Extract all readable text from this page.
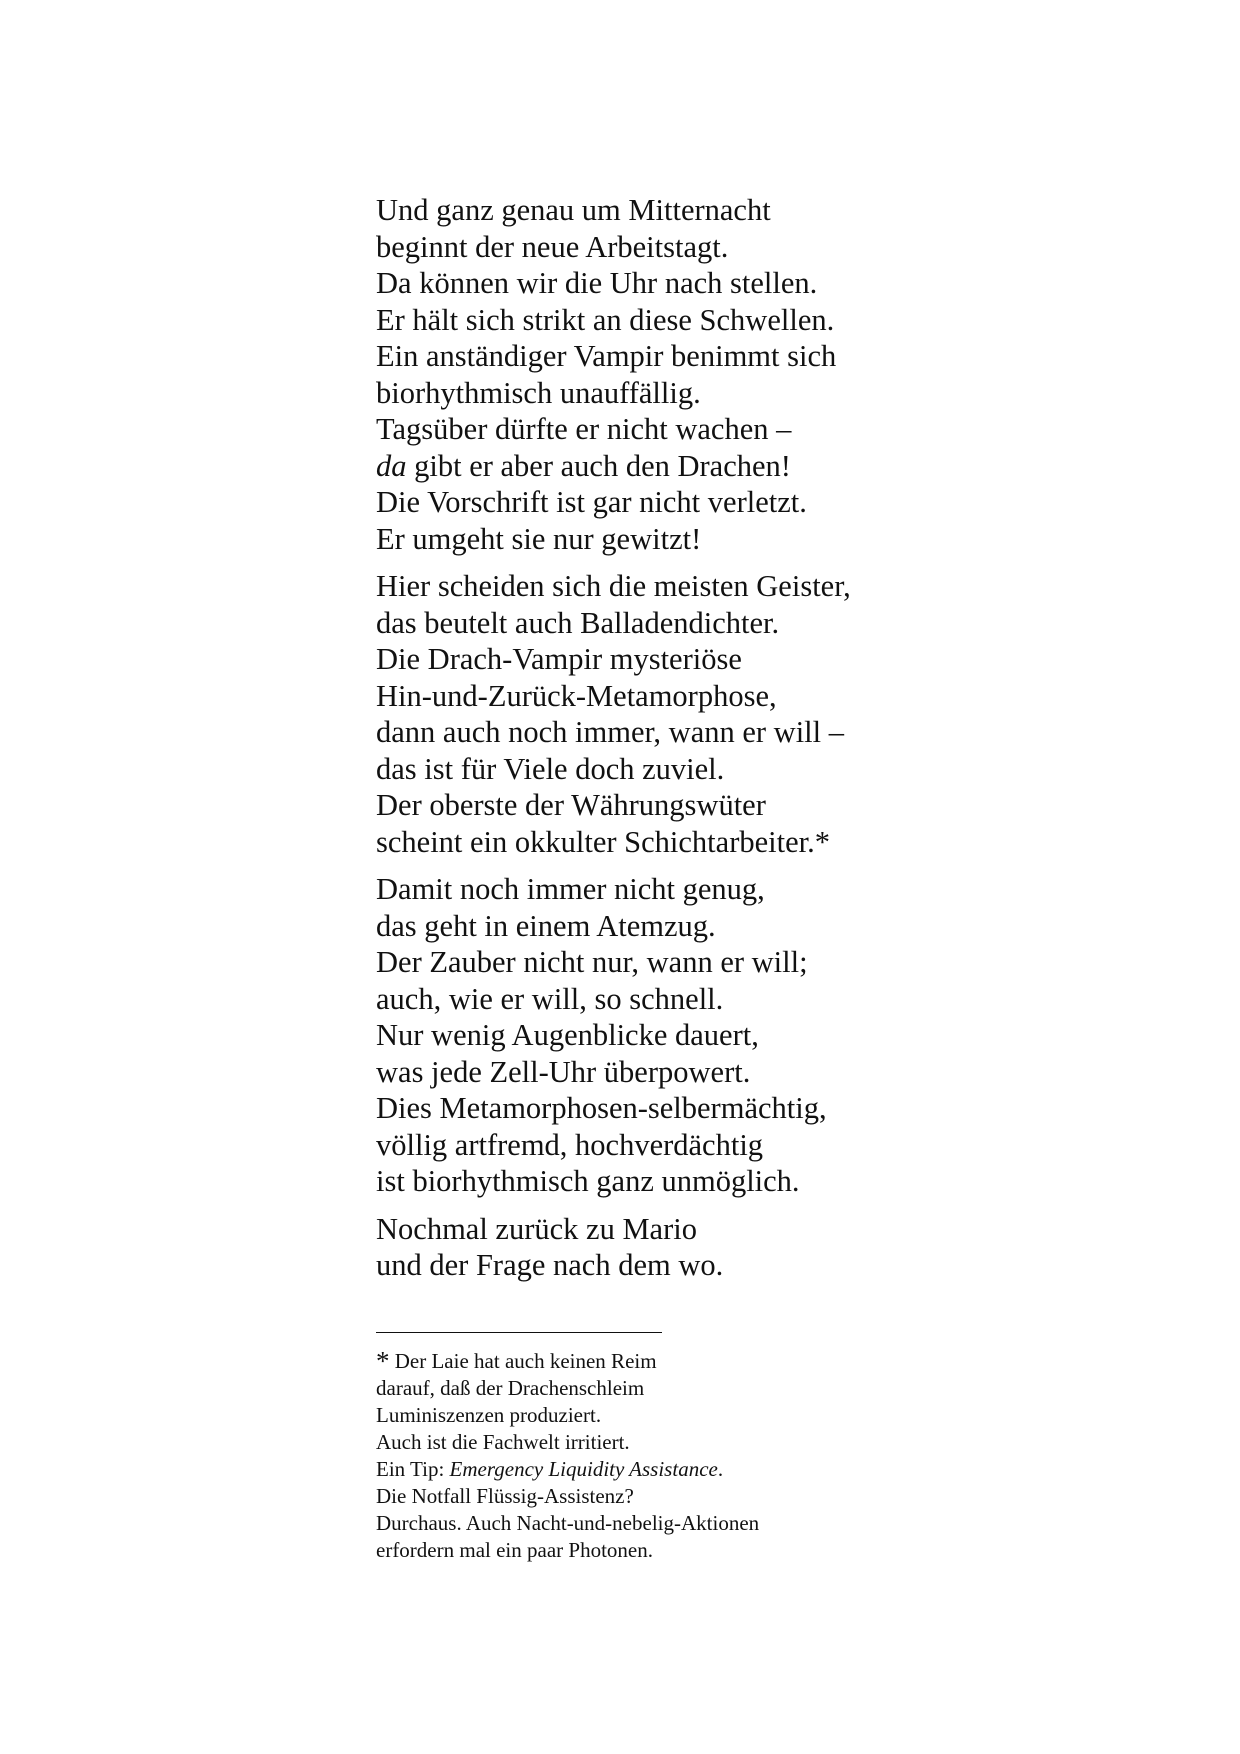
Und ganz genau um Mitternacht
beginnt der neue Arbeitstagt.
Da können wir die Uhr nach stellen.
Er hält sich strikt an diese Schwellen.
Ein anständiger Vampir benimmt sich
biorhythmisch unauffällig.
Tagsüber dürfte er nicht wachen –
da gibt er aber auch den Drachen!
Die Vorschrift ist gar nicht verletzt.
Er umgeht sie nur gewitzt!
Hier scheiden sich die meisten Geister,
das beutelt auch Balladendichter.
Die Drach-Vampir mysteriöse
Hin-und-Zurück-Metamorphose,
dann auch noch immer, wann er will –
das ist für Viele doch zuviel.
Der oberste der Währungswüter
scheint ein okkulter Schichtarbeiter.*
Damit noch immer nicht genug,
das geht in einem Atemzug.
Der Zauber nicht nur, wann er will;
auch, wie er will, so schnell.
Nur wenig Augenblicke dauert,
was jede Zell-Uhr überpowert.
Dies Metamorphosen-selbermächtig,
völlig artfremd, hochverdächtig
ist biorhythmisch ganz unmöglich.
Nochmal zurück zu Mario
und der Frage nach dem wo.
* Der Laie hat auch keinen Reim
darauf, daß der Drachenschleim
Luminiszenzen produziert.
Auch ist die Fachwelt irritiert.
Ein Tip: Emergency Liquidity Assistance.
Die Notfall Flüssig-Assistenz?
Durchaus. Auch Nacht-und-nebelig-Aktionen
erfordern mal ein paar Photonen.
